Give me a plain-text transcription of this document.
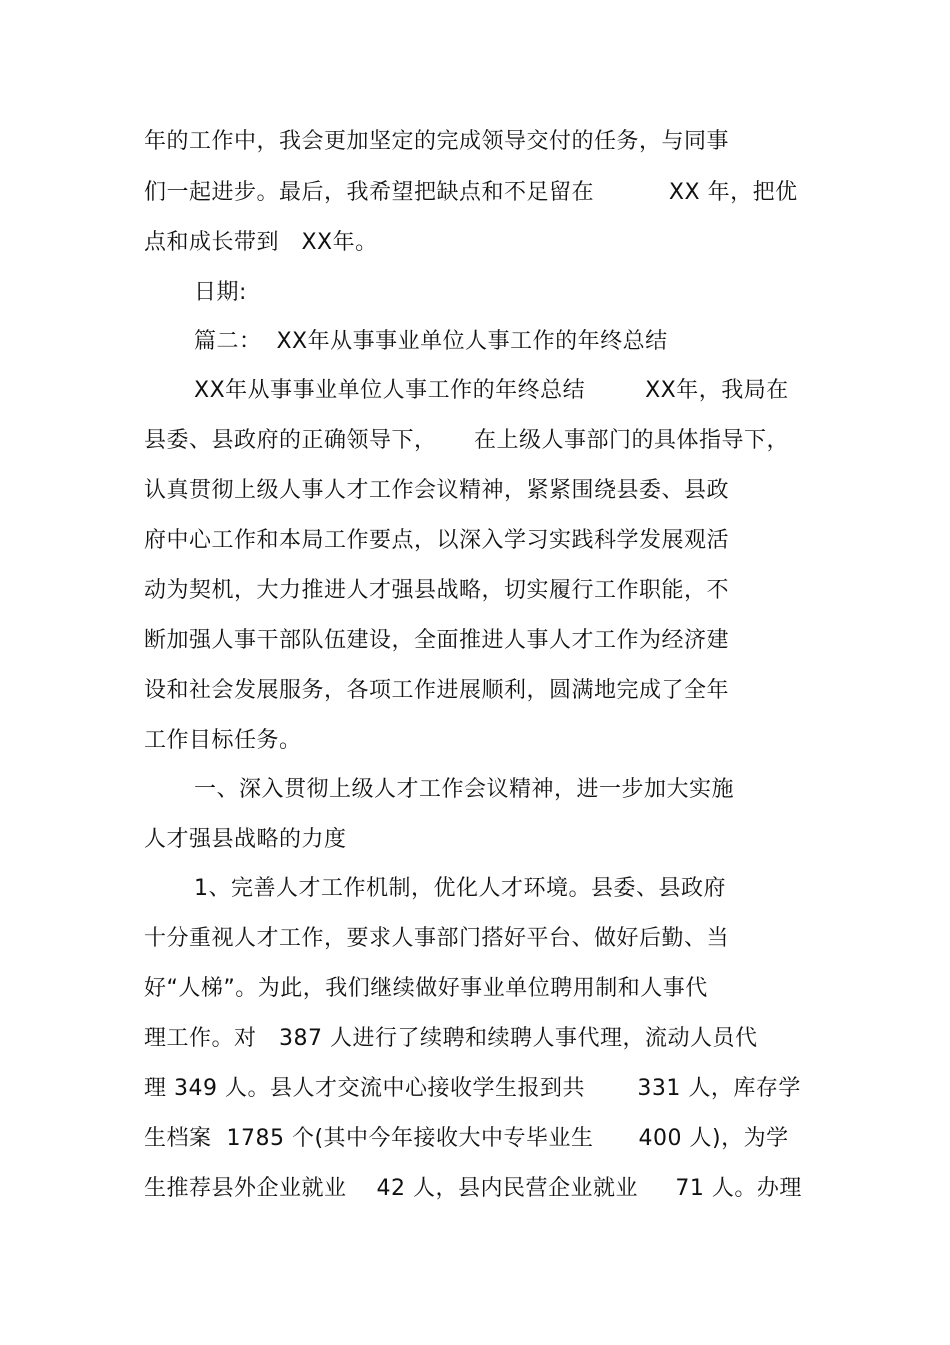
年的工作中，我会更加坚定的完成领导交付的任务，与同事
们一起进步。最后，我希望把缺点和不足留在          XX 年，把优
点和成长带到   XX年。
日期:
篇二：  XX年从事事业单位人事工作的年终总结
XX年从事事业单位人事工作的年终总结        XX年，我局在
县委、县政府的正确领导下，     在上级人事部门的具体指导下，
认真贯彻上级人事人才工作会议精神，紧紧围绕县委、县政
府中心工作和本局工作要点，以深入学习实践科学发展观活
动为契机，大力推进人才强县战略，切实履行工作职能，不
断加强人事干部队伍建设，全面推进人事人才工作为经济建
设和社会发展服务，各项工作进展顺利，圆满地完成了全年
工作目标任务。
一、深入贯彻上级人才工作会议精神，进一步加大实施
人才强县战略的力度
1、完善人才工作机制，优化人才环境。县委、县政府
十分重视人才工作，要求人事部门搭好平台、做好后勤、当
好“人梯”。为此，我们继续做好事业单位聘用制和人事代
理工作。对   387 人进行了续聘和续聘人事代理，流动人员代
理 349 人。县人才交流中心接收学生报到共       331 人，库存学
生档案  1785 个(其中今年接收大中专毕业生      400 人)，为学
生推荐县外企业就业    42 人，县内民营企业就业     71 人。办理
